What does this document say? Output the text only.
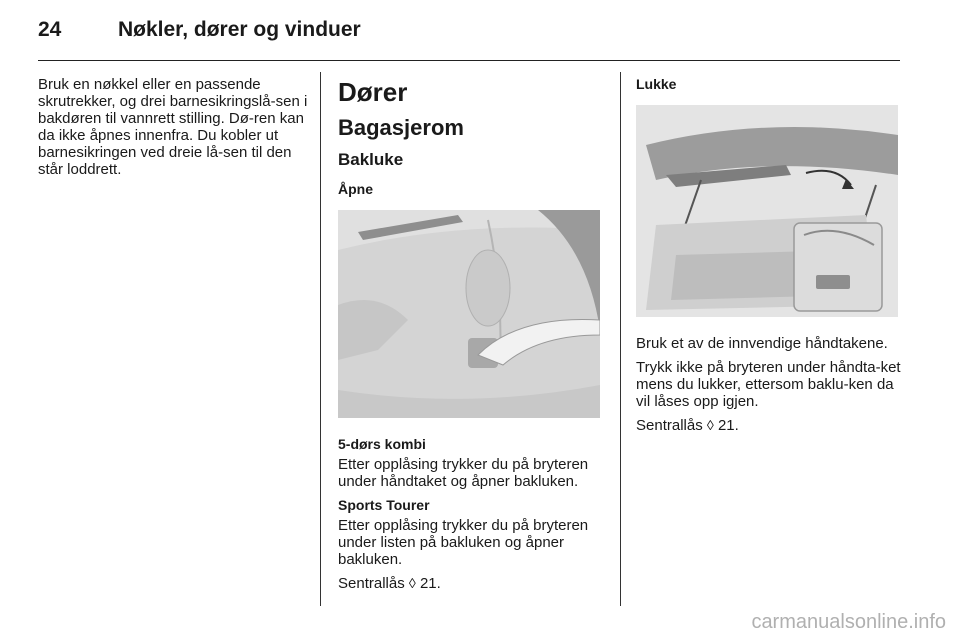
24	Nøkler, dører og vinduer

Bruk en nøkkel eller en passende skrutrekker, og drei barnesikringslå-sen i bakdøren til vannrett stilling. Dø-ren kan da ikke åpnes innenfra. Du kobler ut barnesikringen ved dreie lå-sen til den står loddrett.

Dører
Bagasjerom
Bakluke
Åpne

5-dørs kombi

Etter opplåsing trykker du på bryteren under håndtaket og åpner bakluken.

Sports Tourer

Etter opplåsing trykker du på bryteren under listen på bakluken og åpner bakluken.

Sentrallås ◊ 21.

Lukke

Bruk et av de innvendige håndtakene.

Trykk ikke på bryteren under håndta-ket mens du lukker, ettersom baklu-ken da vil låses opp igjen.

Sentrallås ◊ 21.

carmanualsonline.info
